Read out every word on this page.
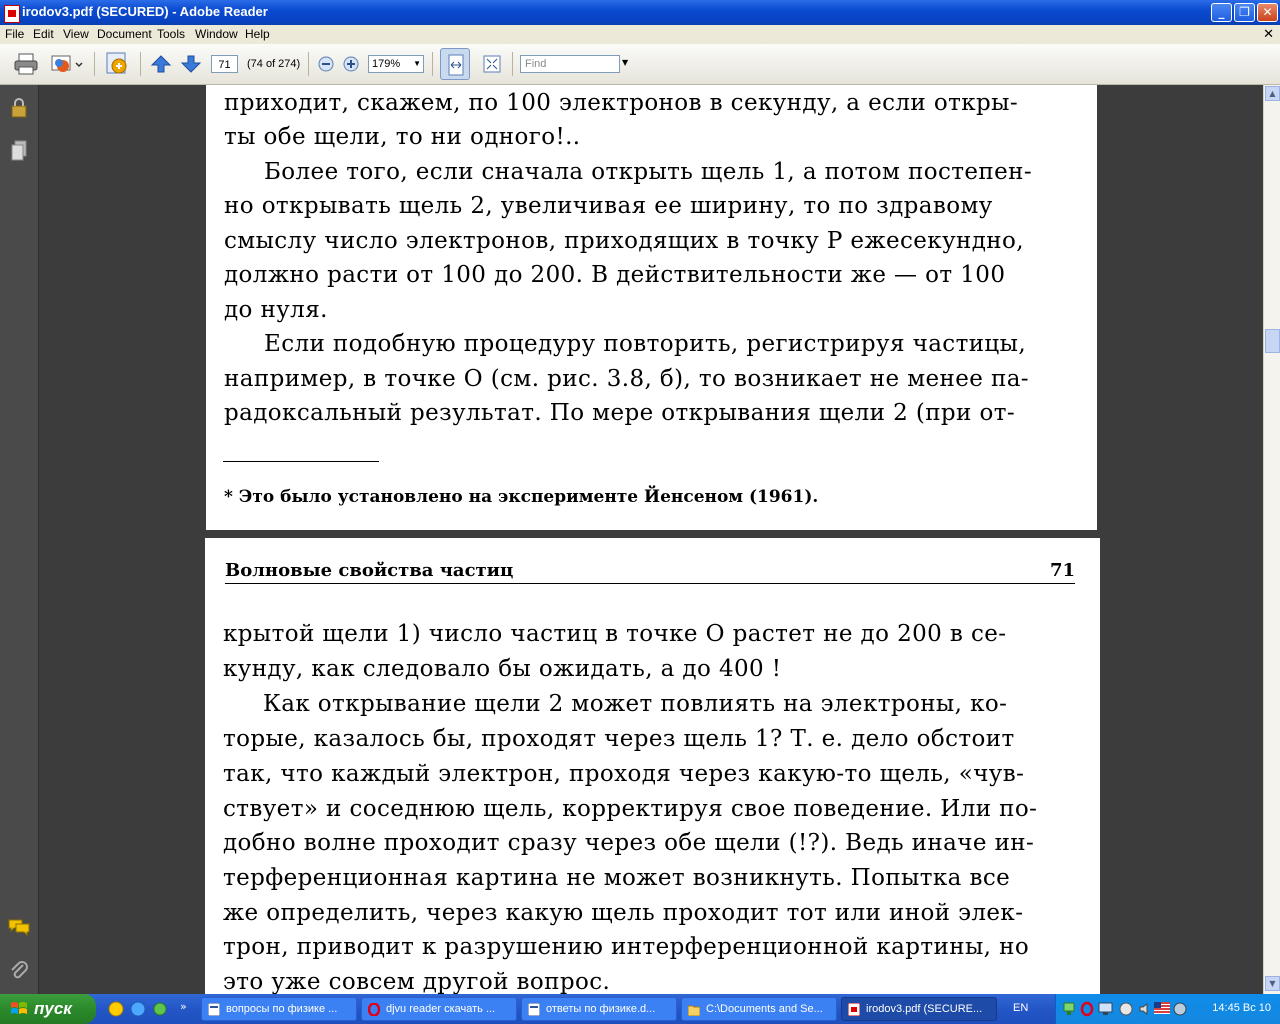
irodov3.pdf (SECURED) - Adobe Reader	_	❐	✕
File Edit View Document Tools Window Help	✕
71	(74 of 274)	179% ▼	Find	▼
приходит, скажем, по 100 электронов в секунду, а если откры-
ты обе щели, то ни одного!..
Более того, если сначала открыть щель 1, а потом постепен-
но открывать щель 2, увеличивая ее ширину, то по здравому
смыслу число электронов, приходящих в точку P ежесекундно,
должно расти от 100 до 200. В действительности же — от 100
до нуля.
Если подобную процедуру повторить, регистрируя частицы,
например, в точке O (см. рис. 3.8, б), то возникает не менее па-
радоксальный результат. По мере открывания щели 2 (при от-
* Это было установлено на эксперименте Йенсеном (1961).
Волновые свойства частиц	71
крытой щели 1) число частиц в точке O растет не до 200 в се-
кунду, как следовало бы ожидать, а до 400 !
Как открывание щели 2 может повлиять на электроны, ко-
торые, казалось бы, проходят через щель 1? Т. е. дело обстоит
так, что каждый электрон, проходя через какую-то щель, «чув-
ствует» и соседнюю щель, корректируя свое поведение. Или по-
добно волне проходит сразу через обе щели (!?). Ведь иначе ин-
терференционная картина не может возникнуть. Попытка все
же определить, через какую щель проходит тот или иной элек-
трон, приводит к разрушению интерференционной картины, но
это уже совсем другой вопрос.
▲
▼
пуск	»	вопросы по физике ...	djvu reader скачать ...	ответы по физике.d...	C:\Documents and Se...	irodov3.pdf (SECURE...	EN	14:45 Вс 10
